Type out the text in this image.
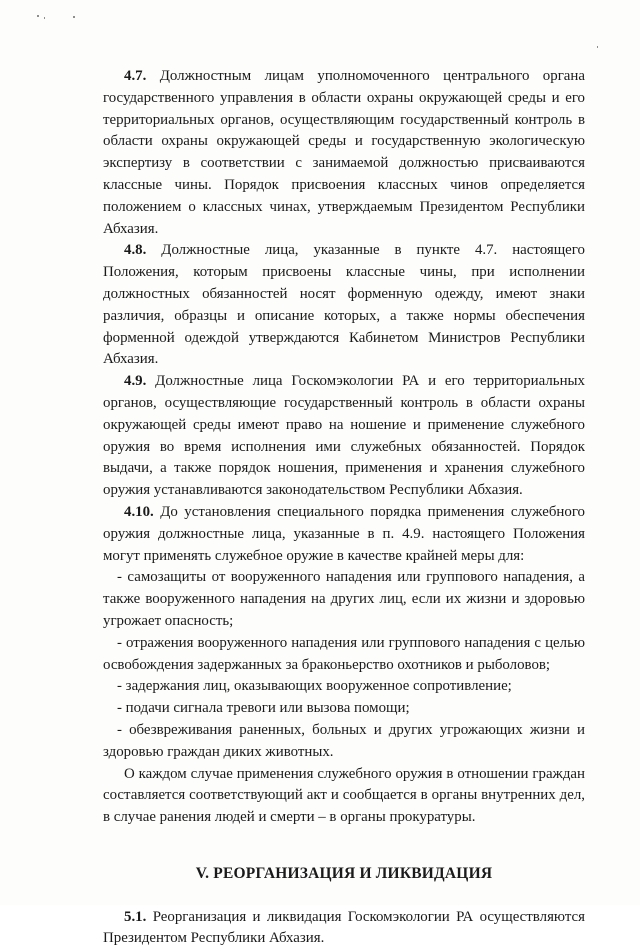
4.7. Должностным лицам уполномоченного центрального органа государственного управления в области охраны окружающей среды и его территориальных органов, осуществляющим государственный контроль в области охраны окружающей среды и государственную экологическую экспертизу в соответствии с занимаемой должностью присваиваются классные чины. Порядок присвоения классных чинов определяется положением о классных чинах, утверждаемым Президентом Республики Абхазия.

4.8. Должностные лица, указанные в пункте 4.7. настоящего Положения, которым присвоены классные чины, при исполнении должностных обязанностей носят форменную одежду, имеют знаки различия, образцы и описание которых, а также нормы обеспечения форменной одеждой утверждаются Кабинетом Министров Республики Абхазия.

4.9. Должностные лица Госкомэкологии РА и его территориальных органов, осуществляющие государственный контроль в области охраны окружающей среды имеют право на ношение и применение служебного оружия во время исполнения ими служебных обязанностей. Порядок выдачи, а также порядок ношения, применения и хранения служебного оружия устанавливаются законодательством Республики Абхазия.

4.10. До установления специального порядка применения служебного оружия должностные лица, указанные в п. 4.9. настоящего Положения могут применять служебное оружие в качестве крайней меры для:

- самозащиты от вооруженного нападения или группового нападения, а также вооруженного нападения на других лиц, если их жизни и здоровью угрожает опасность;

- отражения вооруженного нападения или группового нападения с целью освобождения задержанных за браконьерство охотников и рыболовов;

- задержания лиц, оказывающих вооруженное сопротивление;

- подачи сигнала тревоги или вызова помощи;

- обезвреживания раненных, больных и других угрожающих жизни и здоровью граждан диких животных.

О каждом случае применения служебного оружия в отношении граждан составляется соответствующий акт и сообщается в органы внутренних дел, в случае ранения людей и смерти – в органы прокуратуры.

V. РЕОРГАНИЗАЦИЯ И ЛИКВИДАЦИЯ

5.1. Реорганизация и ликвидация Госкомэкологии РА осуществляются Президентом Республики Абхазия.
